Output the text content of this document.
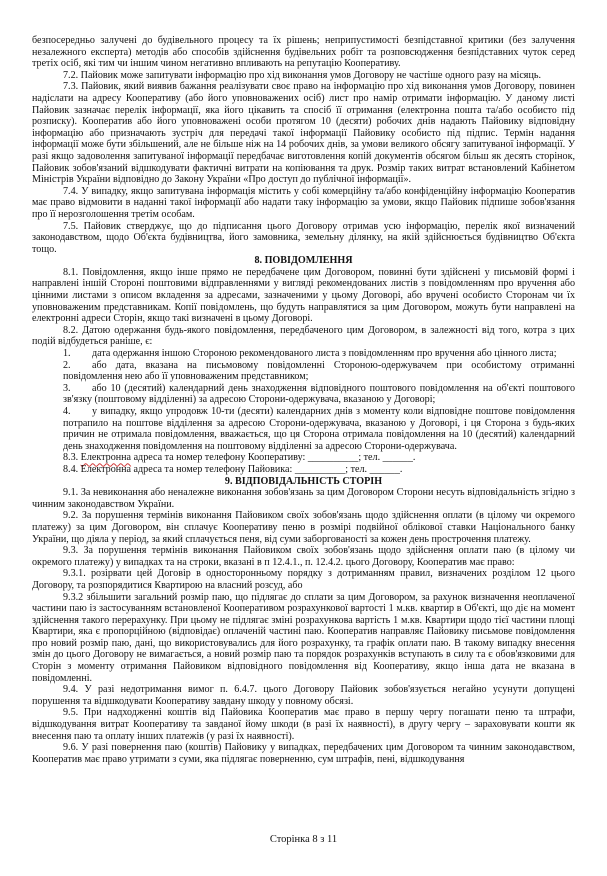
безпосередньо залучені до будівельного процесу та їх рішень; неприпустимості безпідставної критики (без залучення незалежного експерта) методів або способів здійснення будівельних робіт та розповсюдження безпідставних чуток серед третіх осіб, які тим чи іншим чином негативно впливають на репутацію Кооперативу.

7.2. Пайовик може запитувати інформацію про хід виконання умов Договору не частіше одного разу на місяць.

7.3. Пайовик, який виявив бажання реалізувати своє право на інформацію про хід виконання умов Договору, повинен надіслати на адресу Кооперативу (або його уповноважених осіб) лист про намір отримати інформацію. У даному листі Пайовик зазначає перелік інформації, яка його цікавить та спосіб її отримання (електронна пошта та/або особисто під розписку). Кооператив або його уповноважені особи протягом 10 (десяти) робочих днів надають Пайовику відповідну інформацію або призначають зустріч для передачі такої інформації Пайовику особисто під підпис. Термін надання інформації може бути збільшений, але не більше ніж на 14 робочих днів, за умови великого обсягу запитуваної інформації. У разі якщо задоволення запитуваної інформації передбачає виготовлення копій документів обсягом більш як десять сторінок, Пайовик зобов'язаний відшкодувати фактичні витрати на копіювання та друк. Розмір таких витрат встановлений Кабінетом Міністрів України відповідно до Закону України «Про доступ до публічної інформації».

7.4. У випадку, якщо запитувана інформація містить у собі комерційну та/або конфіденційну інформацію Кооператив має право відмовити в наданні такої інформації або надати таку інформацію за умови, якщо Пайовик підпише зобов'язання про її нерозголошення третім особам.

7.5. Пайовик стверджує, що до підписання цього Договору отримав усю інформацію, перелік якої визначений законодавством, щодо Об'єкта будівництва, його замовника, земельну ділянку, на якій здійснюється будівництво Об'єкта тощо.

8. ПОВІДОМЛЕННЯ

8.1. Повідомлення, якщо інше прямо не передбачене цим Договором, повинні бути здійснені у письмовій формі і направлені іншій Стороні поштовими відправленнями у вигляді рекомендованих листів з повідомленням про вручення або цінними листами з описом вкладення за адресами, зазначеними у цьому Договорі, або вручені особисто Сторонам чи їх уповноваженим представникам. Копії повідомлень, що будуть направлятися за цим Договором, можуть бути направлені на електронні адреси Сторін, якщо такі визначені в цьому Договорі.

8.2. Датою одержання будь-якого повідомлення, передбаченого цим Договором, в залежності від того, котра з цих подій відбудеться раніше, є:

1. дата одержання іншою Стороною рекомендованого листа з повідомленням про вручення або цінного листа;

2. або дата, вказана на письмовому повідомленні Стороною-одержувачем при особистому отриманні повідомлення нею або її уповноваженим представником;

3. або 10 (десятий) календарний день знаходження відповідного поштового повідомлення на об'єкті поштового зв'язку (поштовому відділенні) за адресою Сторони-одержувача, вказаною у Договорі;

4. у випадку, якщо упродовж 10-ти (десяти) календарних днів з моменту коли відповідне поштове повідомлення потрапило на поштове відділення за адресою Сторони-одержувача, вказаною у Договорі, і ця Сторона з будь-яких причин не отримала повідомлення, вважається, що ця Сторона отримала повідомлення на 10 (десятий) календарний день знаходження повідомлення на поштовому відділенні за адресою Сторони-одержувача.

8.3. Електронна адреса та номер телефону Кооперативу: __________; тел. ______.

8.4. Електронна адреса та номер телефону Пайовика: __________; тел. ______.

9. ВІДПОВІДАЛЬНІСТЬ СТОРІН

9.1. За невиконання або неналежне виконання зобов'язань за цим Договором Сторони несуть відповідальність згідно з чинним законодавством України.

9.2. За порушення термінів виконання Пайовиком своїх зобов'язань щодо здійснення оплати (в цілому чи окремого платежу) за цим Договором, він сплачує Кооперативу пеню в розмірі подвійної облікової ставки Національного банку України, що діяла у період, за який сплачується пеня, від суми заборгованості за кожен день прострочення платежу.

9.3. За порушення термінів виконання Пайовиком своїх зобов'язань щодо здійснення оплати паю (в цілому чи окремого платежу) у випадках та на строки, вказані в п 12.4.1., п. 12.4.2. цього Договору, Кооператив має право:

9.3.1. розірвати цей Договір в односторонньому порядку з дотриманням правил, визначених розділом 12 цього Договору, та розпорядитися Квартирою на власний розсуд, або

9.3.2 збільшити загальний розмір паю, що підлягає до сплати за цим Договором, за рахунок визначення неоплаченої частини паю із застосуванням встановленої Кооперативом розрахункової вартості 1 м.кв. квартир в Об'єкті, що діє на момент здійснення такого перерахунку. При цьому не підлягає зміні розрахункова вартість 1 м.кв. Квартири щодо тієї частини площі Квартири, яка є пропорційною (відповідає) оплаченій частині паю. Кооператив направляє Пайовику письмове повідомлення про новий розмір паю, дані, що використовувались для його розрахунку, та графік оплати паю. В такому випадку внесення змін до цього Договору не вимагається, а новий розмір паю та порядок розрахунків вступають в силу та є обов'язковими для Сторін з моменту отримання Пайовиком відповідного повідомлення від Кооперативу, якщо інша дата не вказана в повідомленні.

9.4. У разі недотримання вимог п. 6.4.7. цього Договору Пайовик зобов'язується негайно усунути допущені порушення та відшкодувати Кооперативу завдану шкоду у повному обсязі.

9.5. При надходженні коштів від Пайовика Кооператив має право в першу чергу погашати пеню та штрафи, відшкодування витрат Кооперативу та завданої йому шкоди (в разі їх наявності), в другу чергу – зараховувати кошти як внесення паю та оплату інших платежів (у разі їх наявності).

9.6. У разі повернення паю (коштів) Пайовику у випадках, передбачених цим Договором та чинним законодавством, Кооператив має право утримати з суми, яка підлягає поверненню, сум штрафів, пені, відшкодування

Сторінка 8 з 11
